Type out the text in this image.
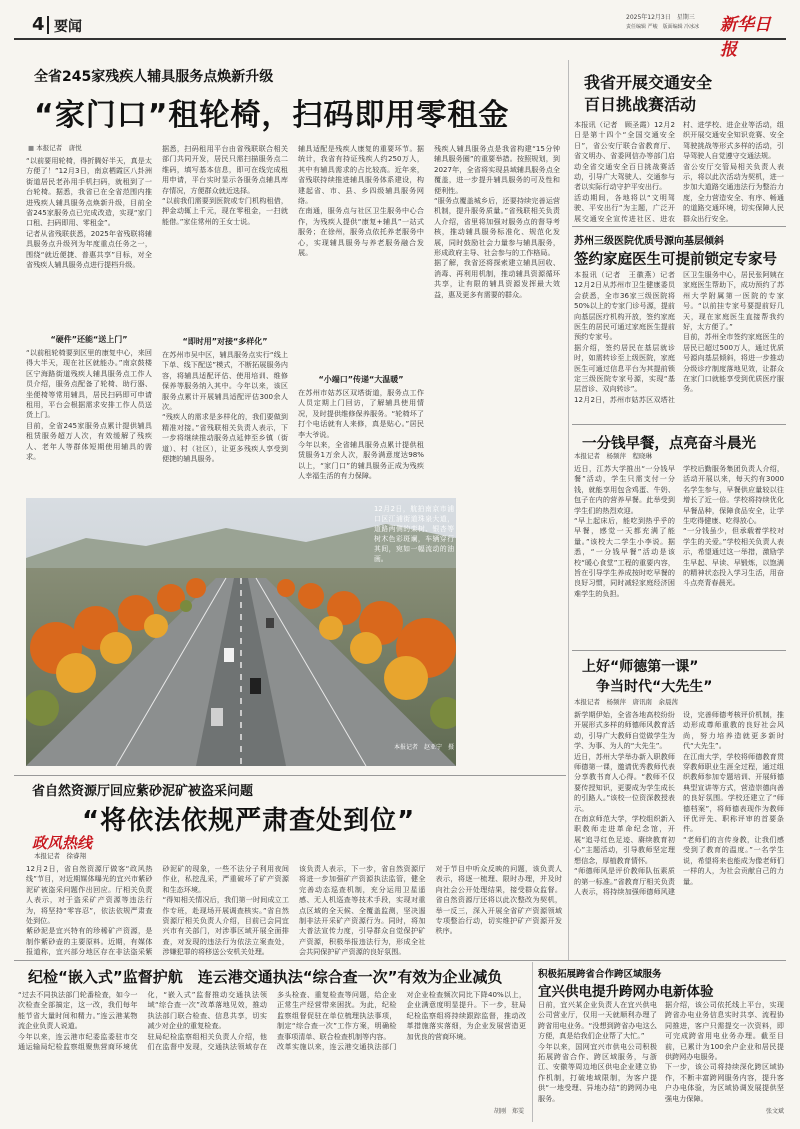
4 要闻
2025年12月3日　星期三
责任编辑 严峻　版面编辑 冷冰冰	新华日报
全省245家残疾人辅具服务点焕新升级
“家门口”租轮椅，扫码即用零租金
■ 本报记者　唐悦
“以前要用轮椅，得折腾好半天，真是太方便了！”12月3日，南京栖霞区八卦洲街道居民老孙用手机扫码，就租到了一台轮椅。据悉，我省已在全省范围内推进残疾人辅具服务点焕新升级，目前全省245家服务点已完成改造，实现“家门口租、扫码即用、零租金”。
记者从省残联获悉，2025年省残联将辅具服务点升级列为年度重点任务之一，围绕“就近便捷、普惠共享”目标，对全省残疾人辅具服务点进行提档升级。
“硬件”还能“送上门”
“以前租轮椅要到区里的康复中心，来回得大半天，现在社区就能办。”南京鼓楼区宁海路街道残疾人辅具服务点工作人员介绍，服务点配备了轮椅、助行器、坐便椅等常用辅具，居民扫码即可申请租用，平台会根据需求安排工作人员送货上门。
目前，全省245家服务点累计提供辅具租赁服务超万人次，有效缓解了残疾人、老年人等群体短期使用辅具的需求。
据悉，扫码租用平台由省残联联合相关部门共同开发，居民只需扫描服务点二维码，填写基本信息，即可在线完成租用申请，平台实时显示各服务点辅具库存情况，方便群众就近选择。
“以前我们需要到医院或专门机构租借，押金动辄上千元，现在零租金，一扫就能借。”家住常州的王女士说。
“即时用”对接“多样化”
在苏州市吴中区，辅具服务点实行“线上下单、线下配送”模式，不断拓展服务内容，将辅具适配评估、使用培训、维修保养等服务纳入其中。今年以来，该区服务点累计开展辅具适配评估300余人次。
“残疾人的需求是多样化的，我们要做到精准对接。”省残联相关负责人表示，下一步将继续推动服务点延伸至乡镇（街道）、村（社区），让更多残疾人享受到便捷的辅具服务。
辅具适配是残疾人康复的重要环节。据统计，我省有持证残疾人约250万人，其中有辅具需求的占比较高。近年来，省残联持续推进辅具服务体系建设，构建起省、市、县、乡四级辅具服务网络。
在南通，服务点与社区卫生服务中心合作，为残疾人提供“康复+辅具”一站式服务；在徐州，服务点依托养老服务中心，实现辅具服务与养老服务融合发展。
“小端口”传递“大温暖”
在苏州市姑苏区双塔街道，服务点工作人员定期上门回访，了解辅具使用情况，及时提供维修保养服务。“轮椅坏了打个电话就有人来修，真是贴心。”居民李大爷说。
今年以来，全省辅具服务点累计提供租赁服务1万余人次，服务满意度达98%以上，“家门口”的辅具服务正成为残疾人幸福生活的有力保障。
残疾人辅具服务点是我省构建“15分钟辅具服务圈”的重要举措。按照规划，到2027年，全省将实现县域辅具服务点全覆盖，进一步提升辅具服务的可及性和便利性。
“服务点覆盖城乡后，还要持续完善运营机制，提升服务质量。”省残联相关负责人介绍，省里将加强对服务点的督导考核，推动辅具服务标准化、规范化发展，同时鼓励社会力量参与辅具服务，形成政府主导、社会参与的工作格局。
据了解，我省还将探索建立辅具回收、消毒、再利用机制，推动辅具资源循环共享，让有限的辅具资源发挥最大效益，惠及更多有需要的群众。
12月2日，航拍南京市浦口区江浦街道珠泉大道，道路两侧的栾树、银杏等树木色彩斑斓，车辆穿行其间，宛如一幅流动的油画。
本报记者　赵亚宁　摄
省自然资源厅回应紫砂泥矿被盗采问题
“将依法依规严肃查处到位”
政风热线
本报记者　徐睿翔
12月2日，省自然资源厅做客“政风热线”节目，对近期媒体曝光的宜兴市紫砂泥矿被盗采问题作出回应。厅相关负责人表示，对于盗采矿产资源等违法行为，将坚持“零容忍”，依法依规严肃查处到位。
紫砂泥是宜兴特有的珍稀矿产资源，是制作紫砂壶的主要原料。近期，有媒体报道称，宜兴部分地区存在非法盗采紫砂泥矿的现象，一些不法分子利用夜间作业，私挖乱采，严重破坏了矿产资源和生态环境。
“得知相关情况后，我们第一时间成立工作专班，赴现场开展调查核实。”省自然资源厅相关负责人介绍，目前已会同宜兴市有关部门，对涉事区域开展全面排查，对发现的违法行为依法立案查处，涉嫌犯罪的将移送公安机关处理。
该负责人表示，下一步，省自然资源厅将进一步加强矿产资源执法监管，健全完善动态巡查机制，充分运用卫星遥感、无人机巡查等技术手段，实现对重点区域的全天候、全覆盖监测，坚决遏制非法开采矿产资源行为。同时，将加大普法宣传力度，引导群众自觉保护矿产资源，积极举报违法行为，形成全社会共同保护矿产资源的良好氛围。
对于节目中听众反映的问题，该负责人表示，将逐一梳理、限时办理，并及时向社会公开处理结果，接受群众监督。省自然资源厅还将以此次整改为契机，举一反三，深入开展全省矿产资源领域专项整治行动，切实维护矿产资源开发秩序。
我省开展交通安全
百日挑战赛活动
本报讯（记者　顾圣霞）12月2日是第十四个“全国交通安全日”，省公安厅联合省教育厅、省文明办、省委网信办等部门启动全省交通安全百日挑战赛活动，引导广大驾驶人、交通参与者以实际行动守护平安出行。
活动期间，各地将以“文明驾驶、平安出行”为主题，广泛开展交通安全宣传进社区、进农村、进学校、进企业等活动，组织开展交通安全知识竞赛、安全驾驶挑战等形式多样的活动，引导驾驶人自觉遵守交通法规。
省公安厅交管局相关负责人表示，将以此次活动为契机，进一步加大道路交通违法行为整治力度，全力营造安全、有序、畅通的道路交通环境，切实保障人民群众出行安全。
苏州三级医院优质号源向基层倾斜
签约家庭医生可提前锁定专家号
本报讯（记者　王徽燕）记者12月2日从苏州市卫生健康委员会获悉，全市36家三级医院将50%以上的专家门诊号源，提前向基层医疗机构开放，签约家庭医生的居民可通过家庭医生提前预约专家号。
据介绍，签约居民在基层就诊时，如需转诊至上级医院，家庭医生可通过信息平台为其提前锁定三级医院专家号源，实现“基层首诊、双向转诊”。
12月2日，苏州市姑苏区双塔社区卫生服务中心，居民张阿姨在家庭医生帮助下，成功预约了苏州大学附属第一医院的专家号。“以前挂专家号要提前好几天，现在家庭医生直接帮我约好，太方便了。”
目前，苏州全市签约家庭医生的居民已超过500万人，通过优质号源向基层倾斜，将进一步推动分级诊疗制度落地见效，让群众在家门口就能享受到优质医疗服务。
一分钱早餐，点亮奋斗晨光
本报记者　杨频萍　程晓琳
近日，江苏大学推出“一分钱早餐”活动，学生只需支付一分钱，就能享用包含鸡蛋、牛奶、包子在内的营养早餐。此举受到学生们的热烈欢迎。
“早上起床后，能吃到热乎乎的早餐，感觉一天都充满了能量。”该校大二学生小李说。据悉，“一分钱早餐”活动是该校“暖心食堂”工程的重要内容，旨在引导学生养成按时吃早餐的良好习惯，同时减轻家庭经济困难学生的负担。
学校后勤服务集团负责人介绍，活动开展以来，每天约有3000名学生参与，早餐供应量较以往增长了近一倍。学校将持续优化早餐品种，保障食品安全，让学生吃得健康、吃得放心。
“一分钱虽少，但承载着学校对学生的关爱。”学校相关负责人表示，希望通过这一举措，激励学生早起、早读、早锻炼，以饱满的精神状态投入学习生活，用奋斗点亮青春晨光。
上好“师德第一课”
争当时代“大先生”
本报记者　杨频萍　唐讯南　余晨茜
新学期伊始，全省各地高校纷纷开展形式多样的师德师风教育活动，引导广大教师自觉做学生为学、为事、为人的“大先生”。
近日，苏州大学举办新入职教师师德第一课，邀请优秀教师代表分享教书育人心得。“教师不仅要传授知识，更要成为学生成长的引路人。”该校一位资深教授表示。
在南京师范大学，学校组织新入职教师走进革命纪念馆，开展“追寻红色足迹、赓续教育初心”主题活动，引导教师坚定理想信念，厚植教育情怀。
“师德师风是评价教师队伍素质的第一标准。”省教育厅相关负责人表示，将持续加强师德师风建设，完善师德考核评价机制，推动形成尊师重教的良好社会风尚，努力培养造就更多新时代“大先生”。
在江南大学，学校将师德教育贯穿教师职业生涯全过程，通过组织教师参加专题培训、开展师德典型宣讲等方式，营造崇德向善的良好氛围。学校还建立了“师德档案”，将师德表现作为教师评优评先、职称评审的首要条件。
“老师们的言传身教，让我们感受到了教育的温度。”一名学生说，希望将来也能成为像老师们一样的人，为社会贡献自己的力量。
纪检“嵌入式”监督护航　连云港交通执法“综合查一次”有效为企业减负
“过去不同执法部门轮番检查，如今一次检查全部搞定，这一改，我们每年能节省大量时间和精力。”连云港某物流企业负责人说道。
今年以来，连云港市纪委监委驻市交通运输局纪检监察组聚焦营商环境优化，“嵌入式”监督推动交通执法领域“综合查一次”改革落地见效，推动执法部门联合检查、信息共享，切实减少对企业的重复检查。
驻局纪检监察组相关负责人介绍，他们在监督中发现，交通执法领域存在多头检查、重复检查等问题，给企业正常生产经营带来困扰。为此，纪检监察组督促驻在单位梳理执法事项，制定“综合查一次”工作方案，明确检查事项清单、联合检查机制等内容。
改革实施以来，连云港交通执法部门对企业检查频次同比下降40%以上，企业满意度明显提升。下一步，驻局纪检监察组将持续跟踪监督，推动改革措施落实落细，为企业发展营造更加优良的营商环境。
胡刚　郑雯
积极拓展跨省合作跨区域服务
宜兴供电提升跨网办电新体验
日前，宜兴某企业负责人在宜兴供电公司营业厅，仅用一天就顺利办理了跨省用电业务。“没想到跨省办电这么方便，真是给我们企业帮了大忙。”
今年以来，国网宜兴市供电公司积极拓展跨省合作、跨区域服务，与浙江、安徽等周边地区供电企业建立协作机制，打破地域限制，为客户提供“一地受理、异地办结”的跨网办电服务。
据介绍，该公司依托线上平台，实现跨省办电业务信息实时共享、流程协同推进，客户只需提交一次资料，即可完成跨省用电业务办理。截至目前，已累计为100余户企业和居民提供跨网办电服务。
下一步，该公司将持续深化跨区域协作，不断丰富跨网服务内容，提升客户办电体验，为区域协调发展提供坚强电力保障。
张文斌
